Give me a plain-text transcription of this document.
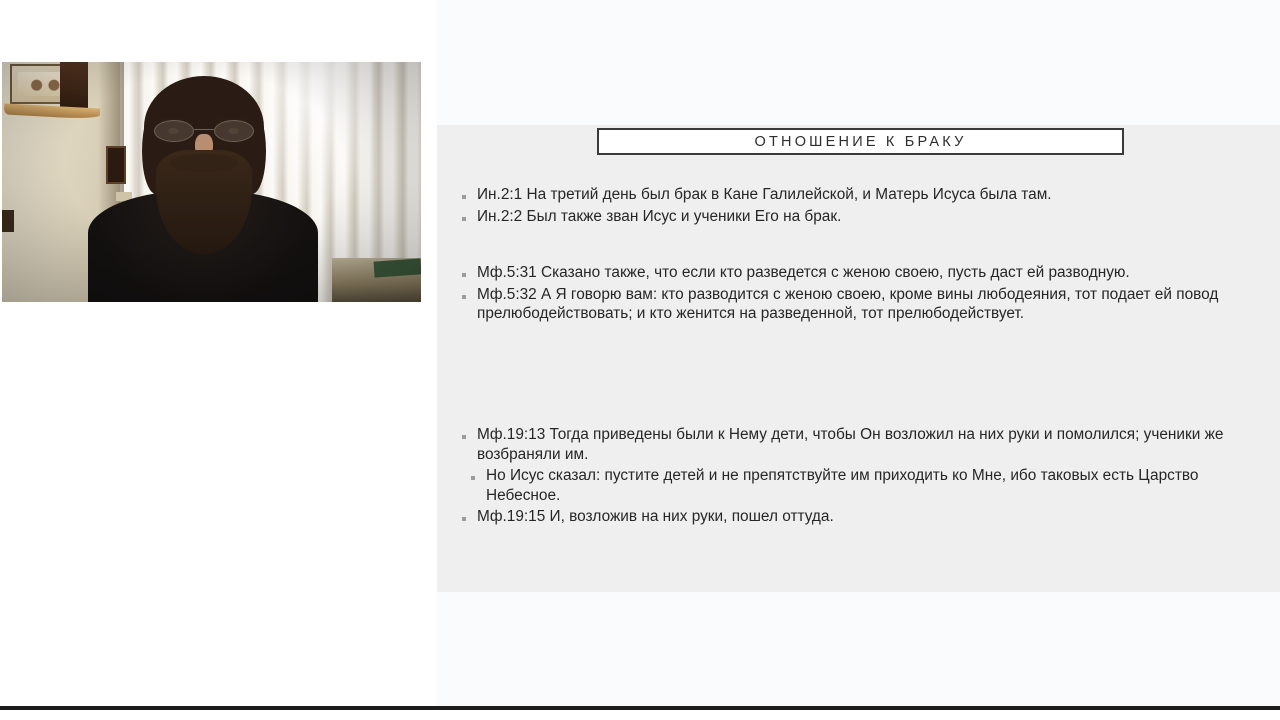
ОТНОШЕНИЕ К БРАКУ
Ин.2:1 На третий день был брак в Кане Галилейской, и Матерь Исуса была там.
Ин.2:2 Был также зван Исус и ученики Его на брак.
Мф.5:31 Сказано также, что если кто разведется с женою своею, пусть даст ей разводную.
Мф.5:32 А Я говорю вам: кто разводится с женою своею, кроме вины любодеяния, тот подает ей повод прелюбодействовать; и кто женится на разведенной, тот прелюбодействует.
Мф.19:13 Тогда приведены были к Нему дети, чтобы Он возложил на них руки и помолился; ученики же возбраняли им.
Но Исус сказал: пустите детей и не препятствуйте им приходить ко Мне, ибо таковых есть Царство Небесное.
Мф.19:15 И, возложив на них руки, пошел оттуда.
